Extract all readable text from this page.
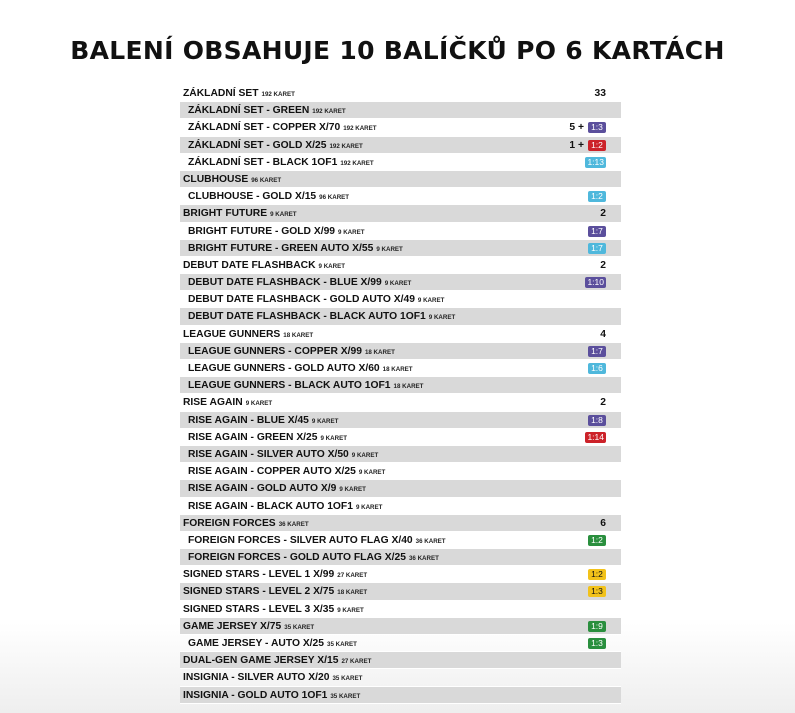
BALENÍ OBSAHUJE 10 BALÍČKŮ PO 6 KARTÁCH
ZÁKLADNÍ SET 192 KARET	33
ZÁKLADNÍ SET - GREEN 192 KARET
ZÁKLADNÍ SET - COPPER X/70 192 KARET	5 + 1:3
ZÁKLADNÍ SET - GOLD X/25 192 KARET	1 + 1:2
ZÁKLADNÍ SET - BLACK 1OF1 192 KARET	1:13
CLUBHOUSE 96 KARET
CLUBHOUSE - GOLD X/15 96 KARET	1:2
BRIGHT FUTURE 9 KARET	2
BRIGHT FUTURE - GOLD X/99 9 KARET	1:7
BRIGHT FUTURE - GREEN AUTO X/55 9 KARET	1:7
DEBUT DATE FLASHBACK 9 KARET	2
DEBUT DATE FLASHBACK - BLUE X/99 9 KARET	1:10
DEBUT DATE FLASHBACK - GOLD AUTO X/49 9 KARET
DEBUT DATE FLASHBACK - BLACK AUTO 1OF1 9 KARET
LEAGUE GUNNERS 18 KARET	4
LEAGUE GUNNERS - COPPER X/99 18 KARET	1:7
LEAGUE GUNNERS - GOLD AUTO X/60 18 KARET	1:6
LEAGUE GUNNERS - BLACK AUTO 1OF1 18 KARET
RISE AGAIN 9 KARET	2
RISE AGAIN - BLUE X/45 9 KARET	1:8
RISE AGAIN - GREEN X/25 9 KARET	1:14
RISE AGAIN - SILVER AUTO X/50 9 KARET
RISE AGAIN - COPPER AUTO X/25 9 KARET
RISE AGAIN - GOLD AUTO X/9 9 KARET
RISE AGAIN - BLACK AUTO 1OF1 9 KARET
FOREIGN FORCES 36 KARET	6
FOREIGN FORCES - SILVER AUTO FLAG X/40 36 KARET	1:2
FOREIGN FORCES - GOLD AUTO FLAG X/25 36 KARET
SIGNED STARS - LEVEL 1 X/99 27 KARET	1:2
SIGNED STARS - LEVEL 2 X/75 18 KARET	1:3
SIGNED STARS - LEVEL 3 X/35 9 KARET
GAME JERSEY X/75 35 KARET	1:9
GAME JERSEY - AUTO X/25 35 KARET	1:3
DUAL-GEN GAME JERSEY X/15 27 KARET
INSIGNIA - SILVER AUTO X/20 35 KARET
INSIGNIA - GOLD AUTO 1OF1 35 KARET
